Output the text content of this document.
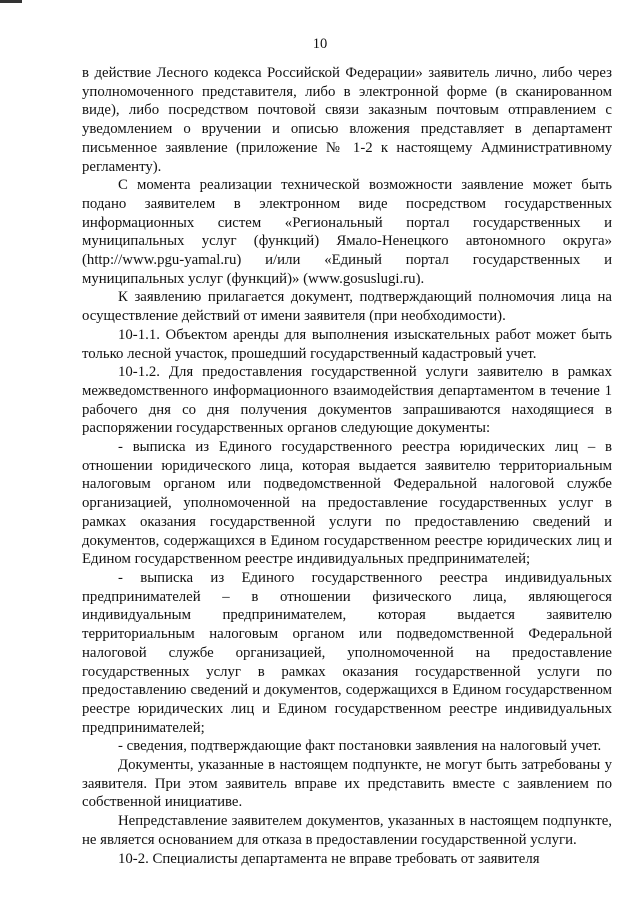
10

в действие Лесного кодекса Российской Федерации» заявитель лично, либо через уполномоченного представителя, либо в электронной форме (в сканированном виде), либо посредством почтовой связи заказным почтовым отправлением с уведомлением о вручении и описью вложения представляет в департамент письменное заявление (приложение № 1-2 к настоящему Административному регламенту).

С момента реализации технической возможности заявление может быть подано заявителем в электронном виде посредством государственных информационных систем «Региональный портал государственных и муниципальных услуг (функций) Ямало-Ненецкого автономного округа» (http://www.pgu-yamal.ru) и/или «Единый портал государственных и муниципальных услуг (функций)» (www.gosuslugi.ru).

К заявлению прилагается документ, подтверждающий полномочия лица на осуществление действий от имени заявителя (при необходимости).

10-1.1. Объектом аренды для выполнения изыскательных работ может быть только лесной участок, прошедший государственный кадастровый учет.

10-1.2. Для предоставления государственной услуги заявителю в рамках межведомственного информационного взаимодействия департаментом в течение 1 рабочего дня со дня получения документов запрашиваются находящиеся в распоряжении государственных органов следующие документы:

- выписка из Единого государственного реестра юридических лиц – в отношении юридического лица, которая выдается заявителю территориальным налоговым органом или подведомственной Федеральной налоговой службе организацией, уполномоченной на предоставление государственных услуг в рамках оказания государственной услуги по предоставлению сведений и документов, содержащихся в Едином государственном реестре юридических лиц и Едином государственном реестре индивидуальных предпринимателей;

- выписка из Единого государственного реестра индивидуальных предпринимателей – в отношении физического лица, являющегося индивидуальным предпринимателем, которая выдается заявителю территориальным налоговым органом или подведомственной Федеральной налоговой службе организацией, уполномоченной на предоставление государственных услуг в рамках оказания государственной услуги по предоставлению сведений и документов, содержащихся в Едином государственном реестре юридических лиц и Едином государственном реестре индивидуальных предпринимателей;

- сведения, подтверждающие факт постановки заявления на налоговый учет.

Документы, указанные в настоящем подпункте, не могут быть затребованы у заявителя. При этом заявитель вправе их представить вместе с заявлением по собственной инициативе.

Непредставление заявителем документов, указанных в настоящем подпункте, не является основанием для отказа в предоставлении государственной услуги.

10-2. Специалисты департамента не вправе требовать от заявителя
